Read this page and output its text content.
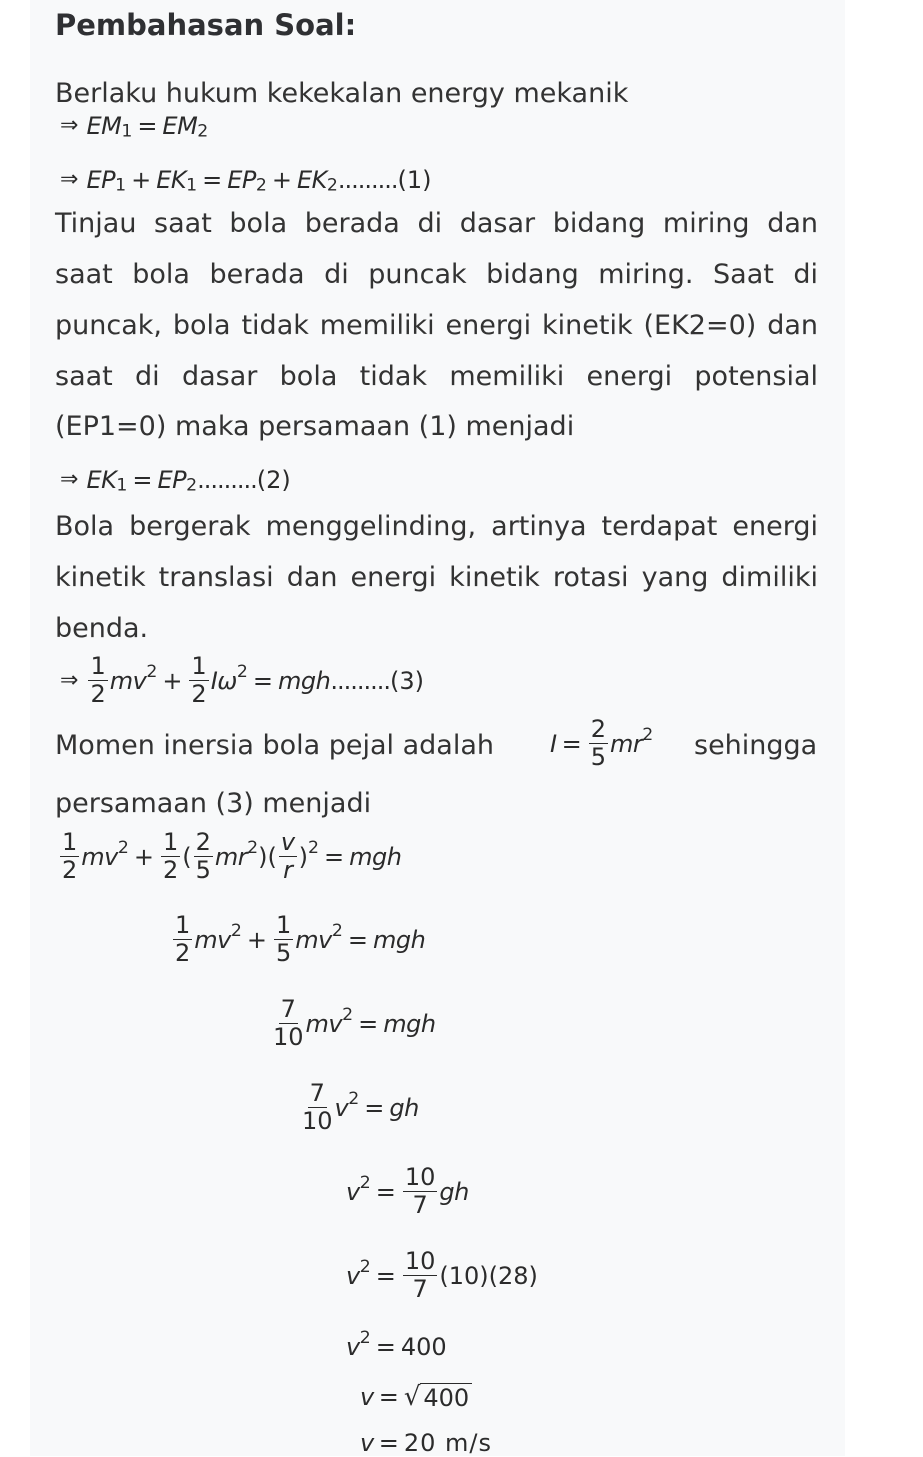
Pembahasan Soal:
Berlaku hukum kekekalan energy mekanik
⇒ EM 1 = EM 2
⇒ EP 1 + EK 1 = EP 2 + EK 2 ......... (1)
Tinjau saat bola berada di dasar bidang miring dan
saat bola berada di puncak bidang miring. Saat di
puncak, bola tidak memiliki energi kinetik (EK2=0) dan
saat di dasar bola tidak memiliki energi potensial
(EP1=0) maka persamaan (1) menjadi
⇒ EK 1 = EP 2 ......... (2)
Bola bergerak menggelinding, artinya terdapat energi
kinetik translasi dan energi kinetik rotasi yang dimiliki
benda.
⇒ $\frac{1}{2}$ mv $2 + \frac{1}{2}$ Iω 2 = mgh ......... (3)
Momen inersia bola pejal adalah $I = \frac{2}{5}$ mr 2 sehingga
persamaan (3) menjadi
$\frac{1}{2}$ mv $2 + \frac{1}{2}$ ( $\frac{2}{5}$ mr 2 )( $\frac{v}{r}$ ) 2 = mgh
$\frac{1}{2}$ mv $2 + \frac{1}{5}$ mv 2 = mgh
$\frac{7}{10}$ mv 2 = mgh
$\frac{7}{10}$ v 2 = gh
v $2 = \frac{10}{7}$ gh
v $2 = \frac{10}{7} (10)(28)$
v 2 = 400
v = √ 400
v = 20 m/s
